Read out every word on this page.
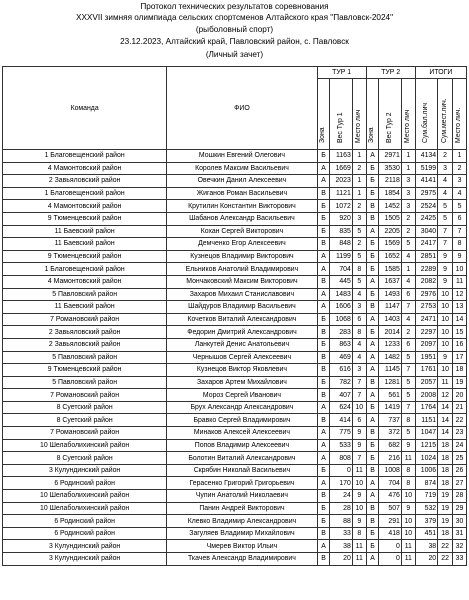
Протокол технических результатов соревнования
XXXVII зимняя олимпиада сельских спортсменов Алтайского края "Павловск-2024"
(рыболовный спорт)
23.12.2023, Алтайский край, Павловский район, с. Павловск
(Личный зачет)
Команда	ФИО	ТУР 1			ТУР 2			ИТОГИ		
		Зона	Вес Тур 1	Место лич	Зона	Вес Тур 2	Место лич	Сум.бал.лич	Сум.мест.лич.	Место лич.
1 Благовещенский район	Мошкин Евгений Олегович	Б	1163	1	А	2971	1	4134	2	1
4 Мамонтовский район	Королев Максим Васильевич	А	1669	2	Б	3530	1	5199	3	2
2 Завьяловский район	Овечкин Данил Алексеевич	А	2023	1	Б	2118	3	4141	4	3
1 Благовещенский район	Жиганов Роман Васильевич	В	1121	1	Б	1854	3	2975	4	4
4 Мамонтовский район	Крутилин Константин Викторович	Б	1072	2	В	1452	3	2524	5	5
9 Тюменцевский район	Шабанов Александр Васильевич	Б	920	3	В	1505	2	2425	5	6
11 Баевский район	Кохан Сергей Викторович	Б	835	5	А	2205	2	3040	7	7
11 Баевский район	Демченко Егор Алексеевич	В	848	2	Б	1569	5	2417	7	8
9 Тюменцевский район	Кузнецов Владимир Викторович	А	1199	5	Б	1652	4	2851	9	9
1 Благовещенский район	Ельников Анатолий Владимирович	А	704	8	Б	1585	1	2289	9	10
4 Мамонтовский район	Мончаковский Максим Викторович	В	445	5	А	1637	4	2082	9	11
5 Павловский район	Захаров Михаил Станиславович	А	1483	4	Б	1493	6	2976	10	12
11 Баевский район	Шайдуров Владимир Васильевич	А	1606	3	В	1147	7	2753	10	13
7 Романовский район	Кочетков Виталий Александрович	Б	1068	6	А	1403	4	2471	10	14
2 Завьяловский район	Федорин Дмитрий Александрович	В	283	8	Б	2014	2	2297	10	15
2 Завьяловский район	Ланкутей Денис Анатольевич	Б	863	4	А	1233	6	2097	10	16
5 Павловский район	Чернышов Сергей Алексеевич	В	469	4	А	1482	5	1951	9	17
9 Тюменцевский район	Кузнецов Виктор Яковлевич	В	616	3	А	1145	7	1761	10	18
5 Павловский район	Захаров Артем Михайлович	Б	782	7	В	1281	5	2057	11	19
7 Романовский район	Мороз Сергей Иванович	В	407	7	А	561	5	2008	12	20
8 Суетский район	Брух Александр Александрович	А	624	10	Б	1419	7	1764	14	21
8 Суетский район	Бравко Сергей Владимирович	В	414	6	А	737	8	1151	14	22
7 Романовский район	Минаков Алексей Алексеевич	А	775	9	В	372	5	1047	14	23
10 Шелаболихинский район	Попов Владимир Алексеевич	А	533	9	Б	682	9	1215	18	24
8 Суетский район	Болотин Виталий Александрович	А	808	7	Б	216	11	1024	18	25
3 Кулундинский район	Скрябин Николай Васильевич	Б	0	11	В	1008	8	1006	18	26
6 Родинский район	Герасенко Григорий Григорьевич	А	170	10	А	704	8	874	18	27
10 Шелаболихинский район	Чупин Анатолий Николаевич	В	24	9	А	476	10	719	19	28
10 Шелаболихинский район	Панин Андрей Викторович	Б	28	10	В	507	9	532	19	29
6 Родинский район	Клевко Владимир Александрович	Б	88	9	В	291	10	379	19	30
6 Родинский район	Загуляев Владимир Михайлович	В	33	8	Б	418	10	451	18	31
3 Кулундинский район	Чмерев Виктор Ильич	А	38	11	Б	0	11	38	22	32
3 Кулундинский район	Ткачев Александр Владимирович	В	20	11	А	0	11	20	22	33
